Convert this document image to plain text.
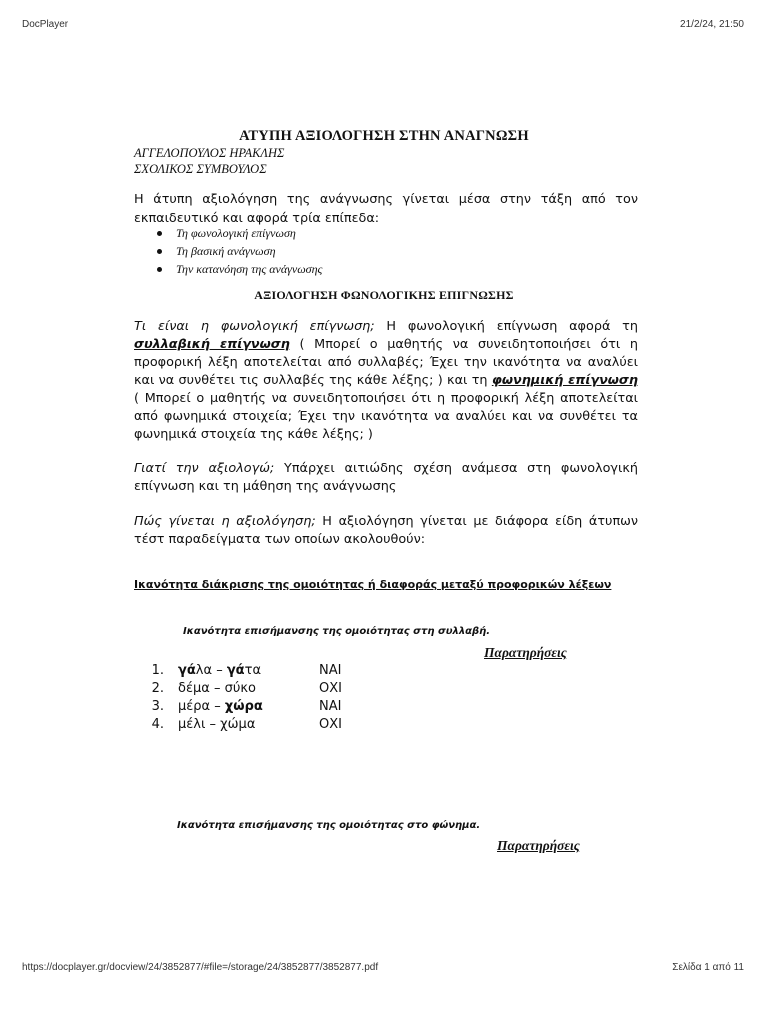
DocPlayer	21/2/24, 21:50
ΑΤΥΠΗ ΑΞΙΟΛΟΓΗΣΗ ΣΤΗΝ ΑΝΑΓΝΩΣΗ
ΑΓΓΕΛΟΠΟΥΛΟΣ ΗΡΑΚΛΗΣ
ΣΧΟΛΙΚΟΣ ΣΥΜΒΟΥΛΟΣ
Η άτυπη αξιολόγηση της ανάγνωσης γίνεται μέσα στην τάξη από τον εκπαιδευτικό και αφορά τρία επίπεδα:
Τη φωνολογική επίγνωση
Τη βασική ανάγνωση
Την κατανόηση της ανάγνωσης
ΑΞΙΟΛΟΓΗΣΗ ΦΩΝΟΛΟΓΙΚΗΣ ΕΠΙΓΝΩΣΗΣ
Τι είναι η φωνολογική επίγνωση; Η φωνολογική επίγνωση αφορά τη συλλαβική επίγνωση ( Μπορεί ο μαθητής να συνειδητοποιήσει ότι η προφορική λέξη αποτελείται από συλλαβές; Έχει την ικανότητα να αναλύει και να συνθέτει τις συλλαβές της κάθε λέξης; ) και τη φωνημική επίγνωση ( Μπορεί ο μαθητής να συνειδητοποιήσει ότι η προφορική λέξη αποτελείται από φωνημικά στοιχεία; Έχει την ικανότητα να αναλύει και να συνθέτει τα φωνημικά στοιχεία της κάθε λέξης; )
Γιατί την αξιολογώ; Υπάρχει αιτιώδης σχέση ανάμεσα στη φωνολογική επίγνωση και τη μάθηση της ανάγνωσης
Πώς γίνεται η αξιολόγηση; Η αξιολόγηση γίνεται με διάφορα είδη άτυπων τέστ παραδείγματα των οποίων ακολουθούν:
Ικανότητα διάκρισης της ομοιότητας ή διαφοράς μεταξύ προφορικών λέξεων
Ικανότητα επισήμανσης της ομοιότητας στη συλλαβή.
Παρατηρήσεις
1. γάλα – γάτα	ΝΑΙ
2. δέμα – σύκο	ΟΧΙ
3. μέρα – χώρα	ΝΑΙ
4. μέλι – χώμα	ΟΧΙ
Ικανότητα επισήμανσης της ομοιότητας στο φώνημα.
Παρατηρήσεις
https://docplayer.gr/docview/24/3852877/#file=/storage/24/3852877/3852877.pdf	Σελίδα 1 από 11
